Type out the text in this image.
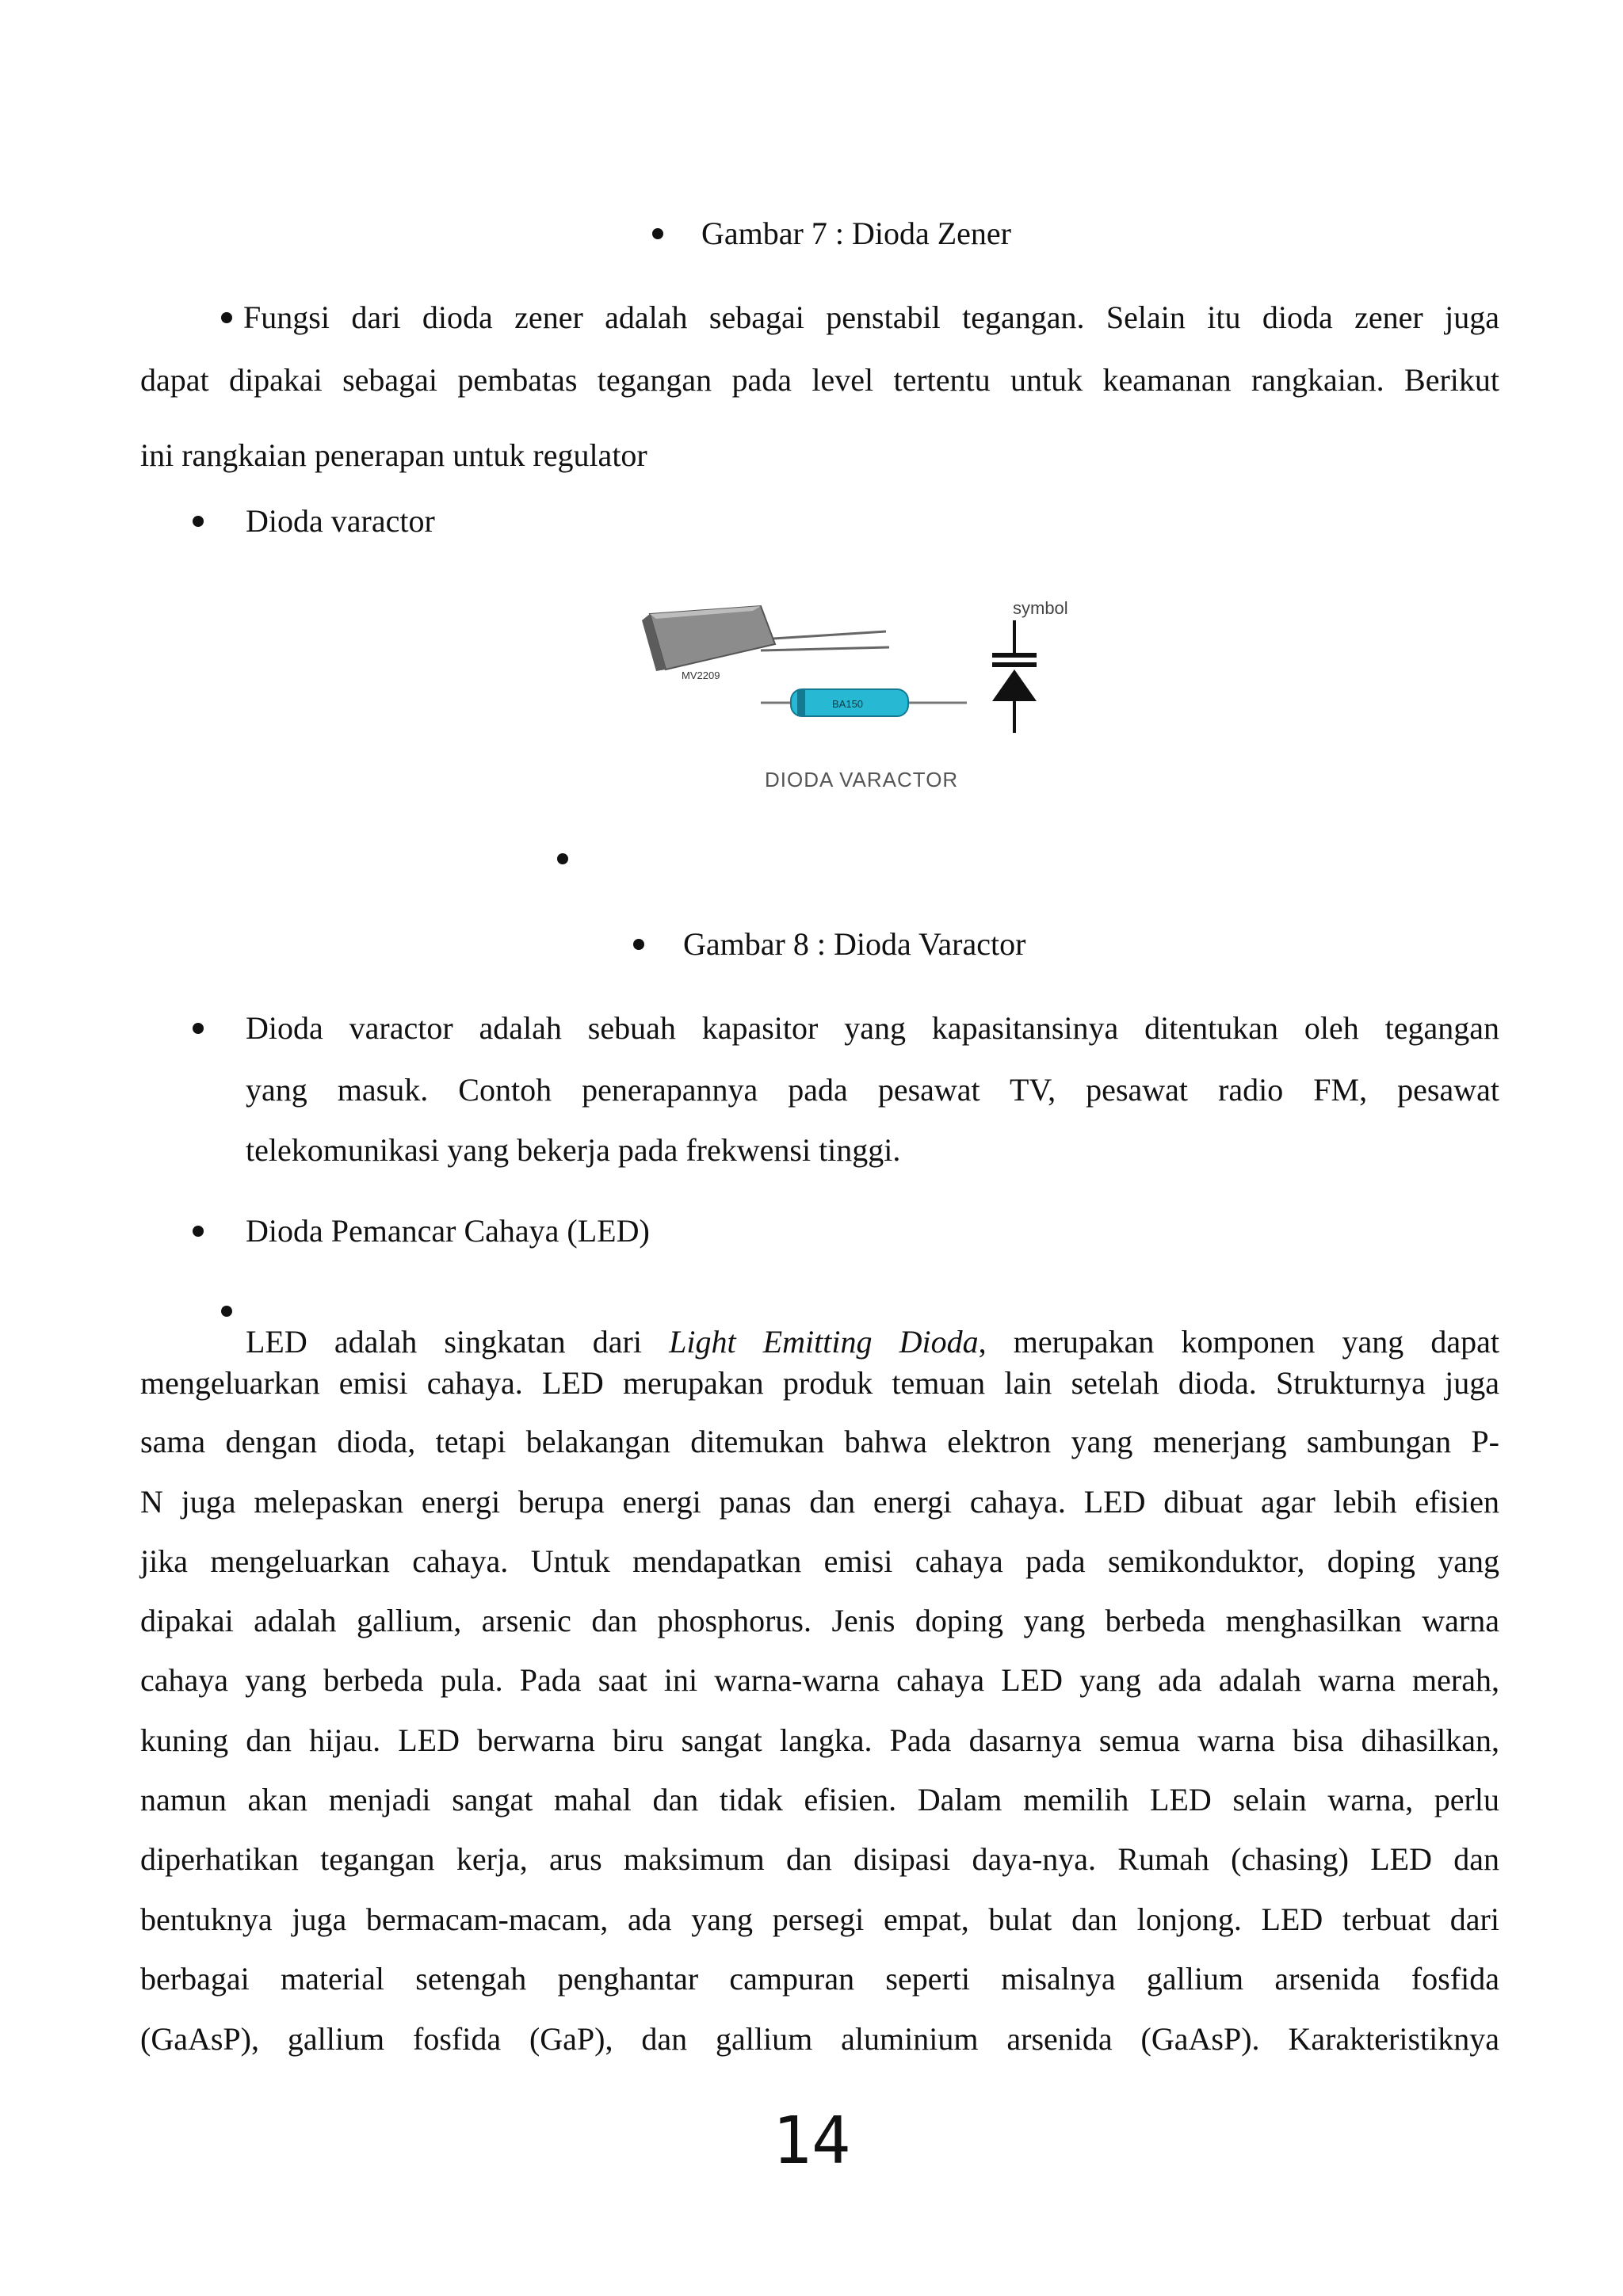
Gambar 7 : Dioda Zener
Fungsi dari dioda zener adalah sebagai penstabil tegangan. Selain itu dioda zener juga
dapat dipakai sebagai pembatas tegangan pada level tertentu untuk keamanan rangkaian. Berikut
ini rangkaian penerapan untuk regulator
Dioda varactor
MV2209
BA150
symbol
DIODA VARACTOR
Gambar 8 : Dioda Varactor
Dioda varactor adalah sebuah kapasitor yang kapasitansinya ditentukan oleh tegangan
yang masuk. Contoh penerapannya pada pesawat TV, pesawat radio FM, pesawat
telekomunikasi yang bekerja pada frekwensi tinggi.
Dioda Pemancar Cahaya (LED)
LED adalah singkatan dari Light Emitting Dioda, merupakan komponen yang dapat
mengeluarkan emisi cahaya. LED merupakan produk temuan lain setelah dioda. Strukturnya juga
sama dengan dioda, tetapi belakangan ditemukan bahwa elektron yang menerjang sambungan P-
N juga melepaskan energi berupa energi panas dan energi cahaya. LED dibuat agar lebih efisien
jika mengeluarkan cahaya. Untuk mendapatkan emisi cahaya pada semikonduktor, doping yang
dipakai adalah gallium, arsenic dan phosphorus. Jenis doping yang berbeda menghasilkan warna
cahaya yang berbeda pula. Pada saat ini warna-warna cahaya LED yang ada adalah warna merah,
kuning dan hijau. LED berwarna biru sangat langka. Pada dasarnya semua warna bisa dihasilkan,
namun akan menjadi sangat mahal dan tidak efisien. Dalam memilih LED selain warna, perlu
diperhatikan tegangan kerja, arus maksimum dan disipasi daya-nya. Rumah (chasing) LED dan
bentuknya juga bermacam-macam, ada yang persegi empat, bulat dan lonjong. LED terbuat dari
berbagai material setengah penghantar campuran seperti misalnya gallium arsenida fosfida
(GaAsP), gallium fosfida (GaP), dan gallium aluminium arsenida (GaAsP). Karakteristiknya
14
